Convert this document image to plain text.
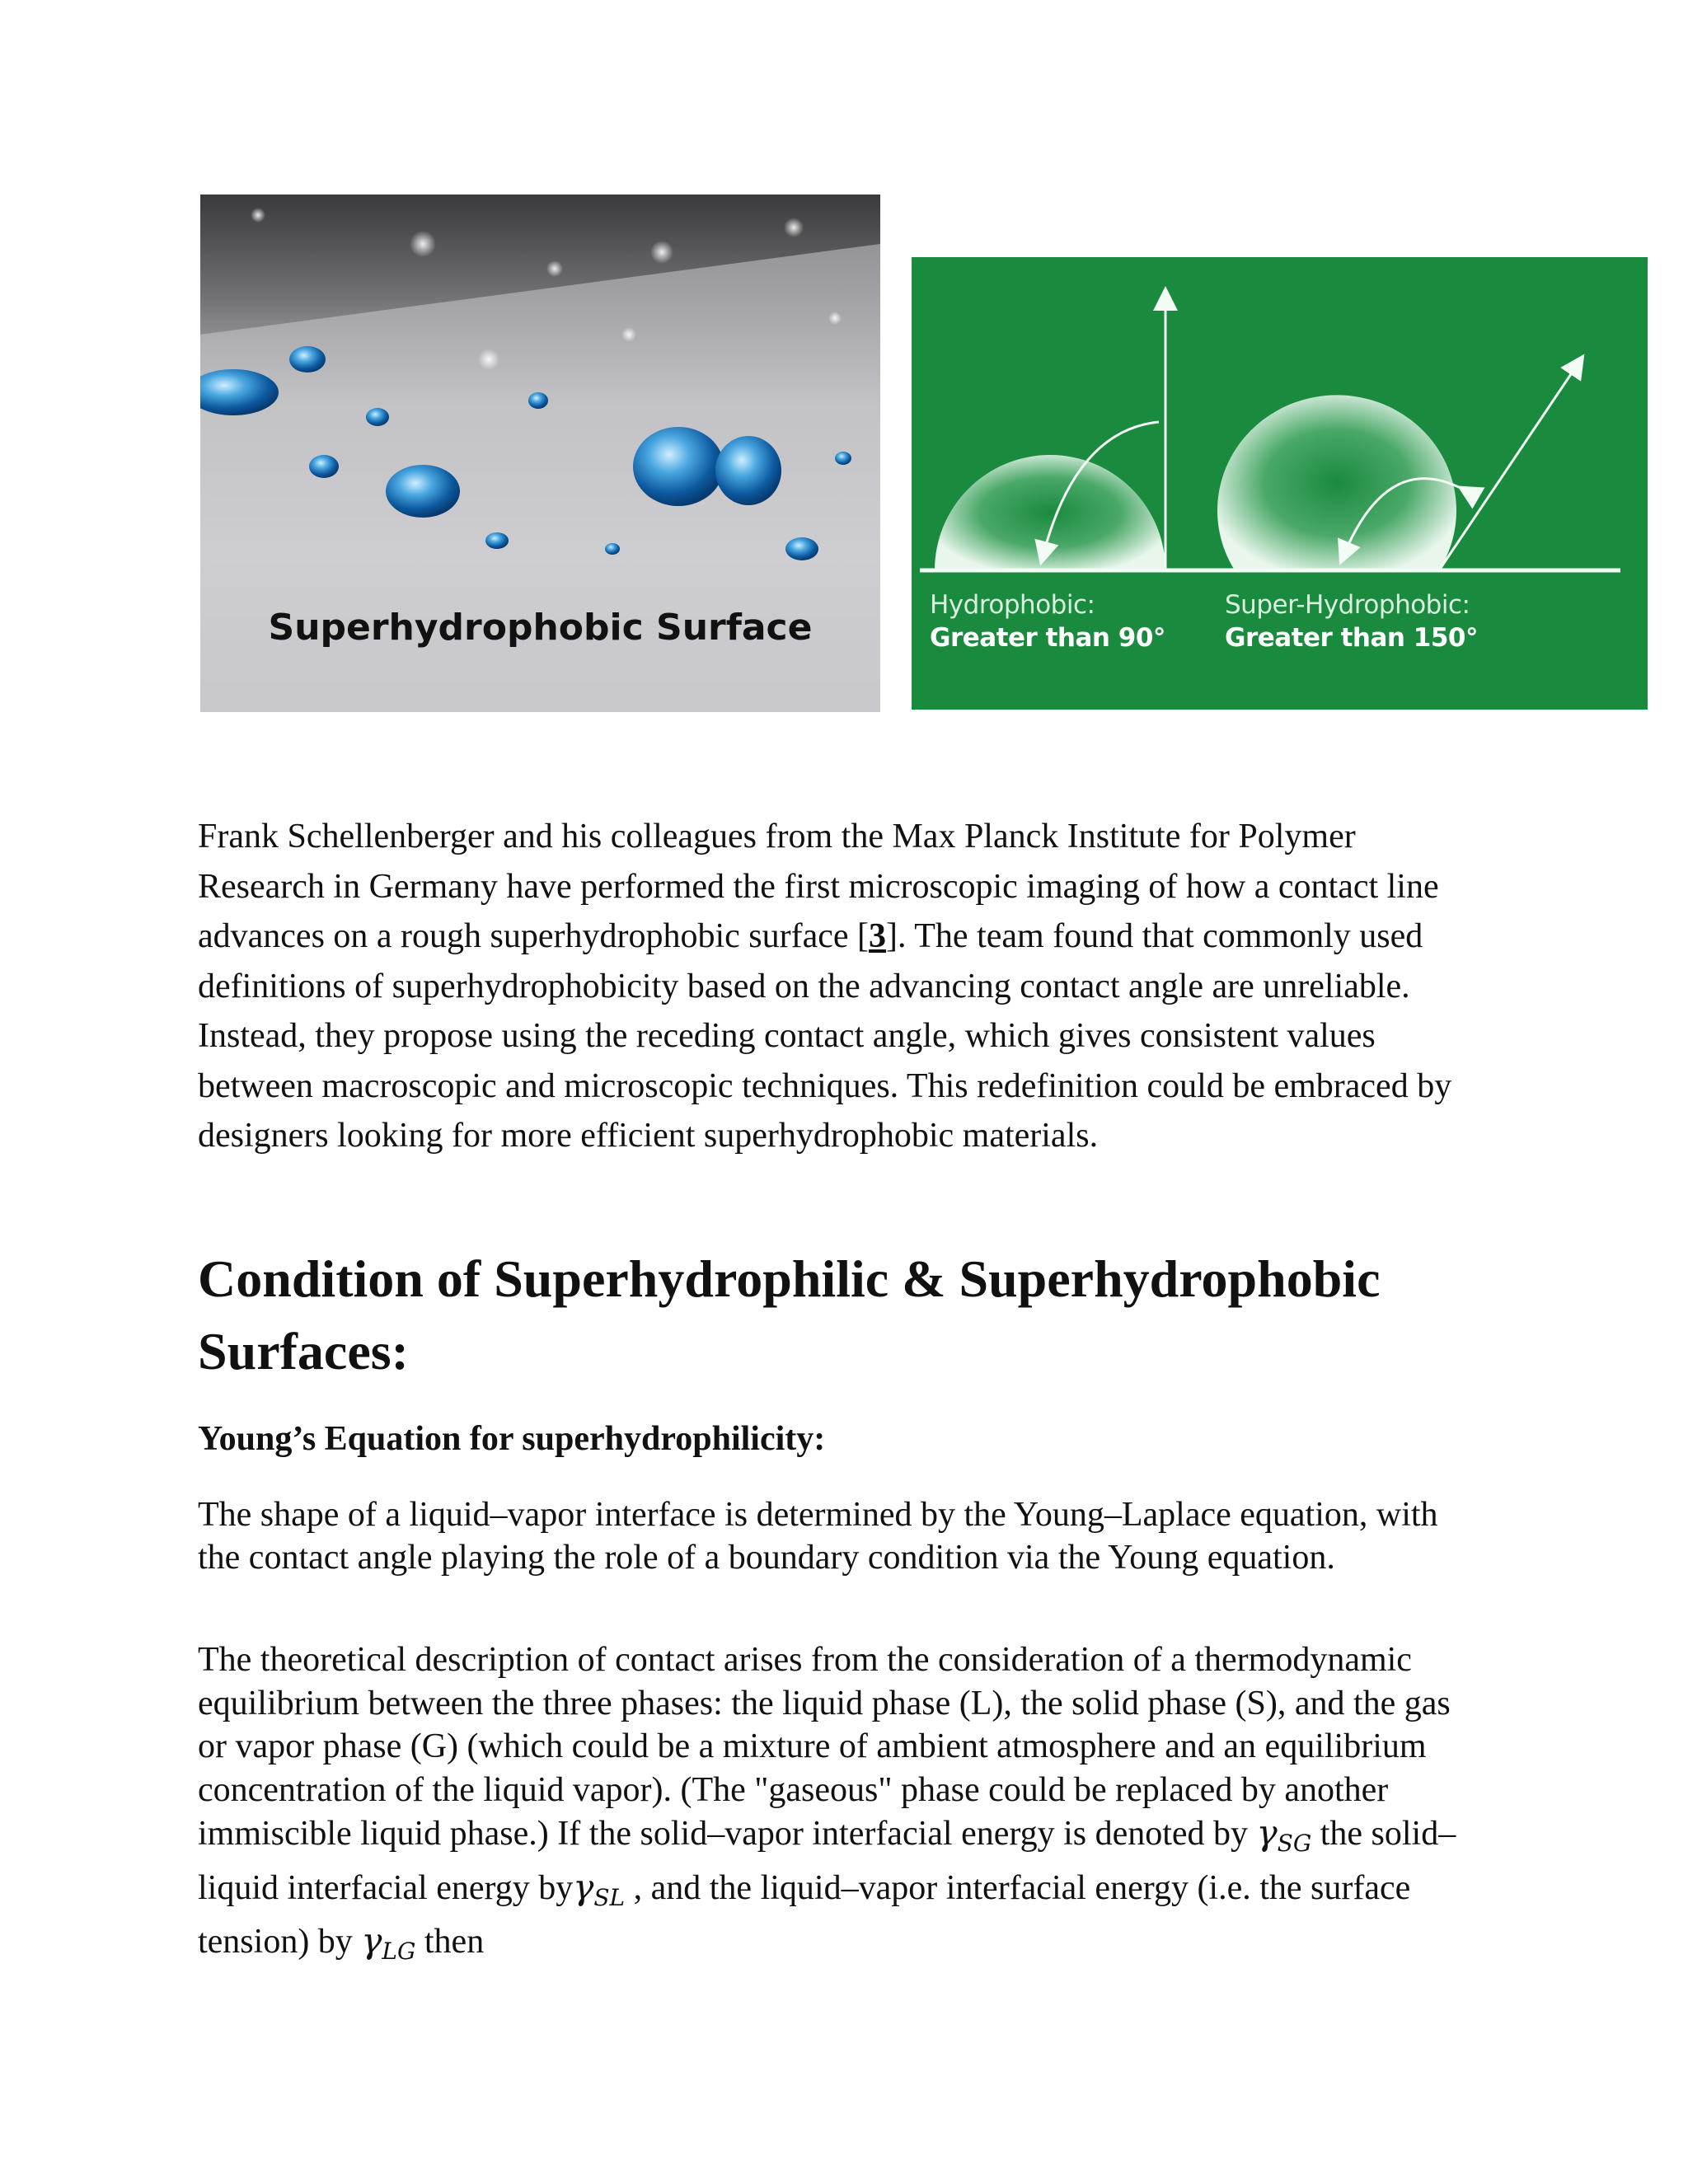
Superhydrophobic Surface
Hydrophobic:
Greater than 90°
Super-Hydrophobic:
Greater than 150°

Frank Schellenberger and his colleagues from the Max Planck Institute for Polymer Research in Germany have performed the first microscopic imaging of how a contact line advances on a rough superhydrophobic surface [3]. The team found that commonly used definitions of superhydrophobicity based on the advancing contact angle are unreliable. Instead, they propose using the receding contact angle, which gives consistent values between macroscopic and microscopic techniques. This redefinition could be embraced by designers looking for more efficient superhydrophobic materials.

Condition of Superhydrophilic & Superhydrophobic Surfaces:
Young’s Equation for superhydrophilicity:

The shape of a liquid–vapor interface is determined by the Young–Laplace equation, with the contact angle playing the role of a boundary condition via the Young equation.

The theoretical description of contact arises from the consideration of a thermodynamic equilibrium between the three phases: the liquid phase (L), the solid phase (S), and the gas or vapor phase (G) (which could be a mixture of ambient atmosphere and an equilibrium concentration of the liquid vapor). (The "gaseous" phase could be replaced by another immiscible liquid phase.) If the solid–vapor interfacial energy is denoted by $\gamma_{SG}$ the solid–liquid interfacial energy byγ$_{SL}$ , and the liquid–vapor interfacial energy (i.e. the surface tension) by $\gamma_{LG}$ then
